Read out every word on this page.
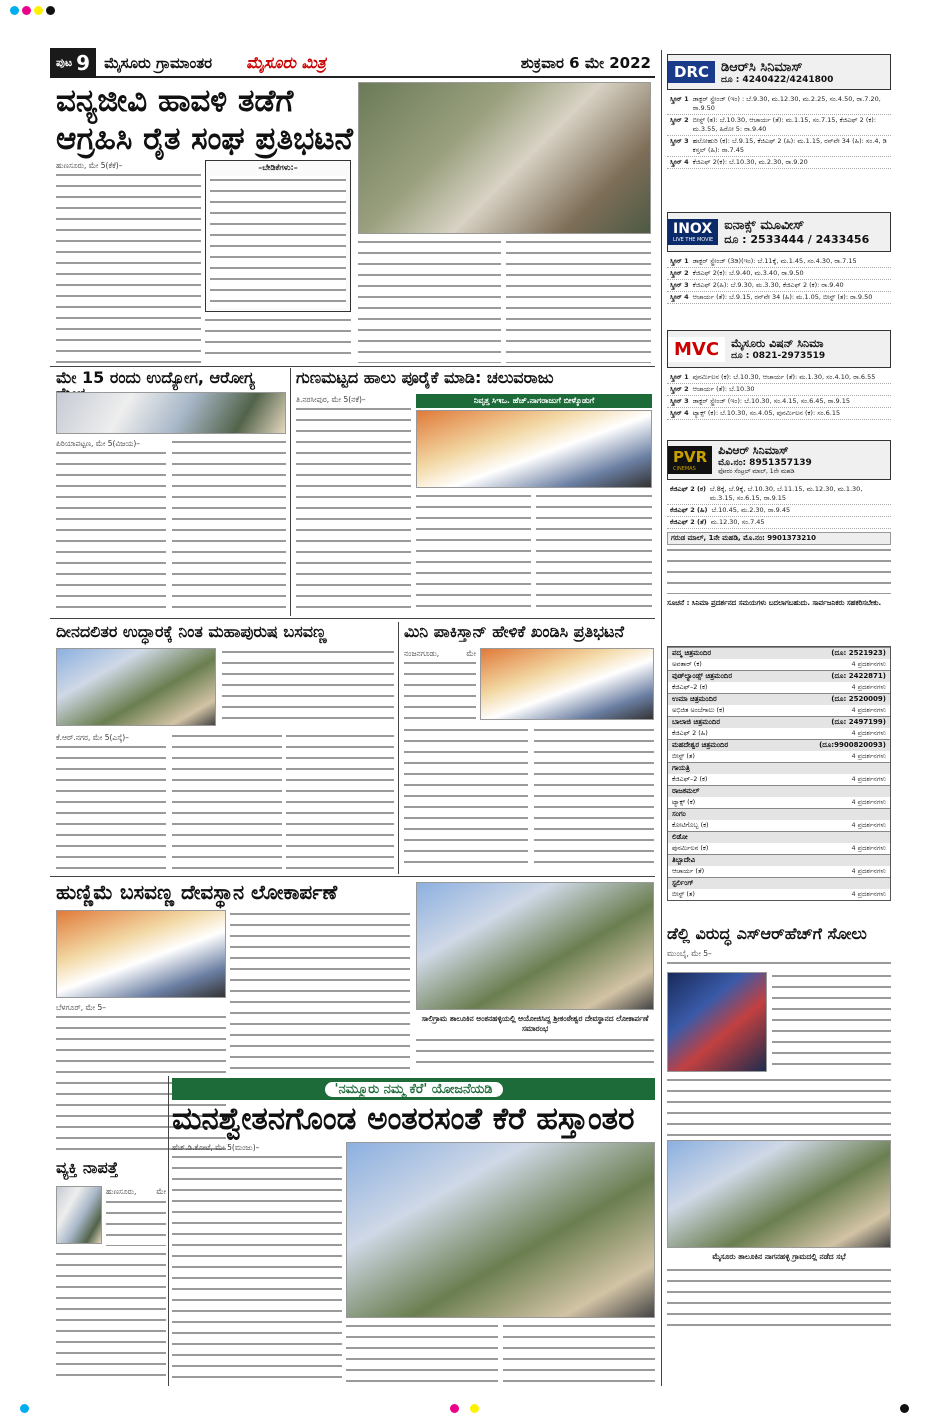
ಪುಟ 9 ಮೈಸೂರು ಗ್ರಾಮಾಂತರ ಮೈಸೂರು ಮಿತ್ರ	ಶುಕ್ರವಾರ 6 ಮೇ 2022
ವನ್ಯಜೀವಿ ಹಾವಳಿ ತಡೆಗೆ
ಆಗ್ರಹಿಸಿ ರೈತ ಸಂಘ ಪ್ರತಿಭಟನೆ
ಹುಣಸೂರು, ಮೇ 5(ಕೆಕೆ)–	–ಬೇಡಿಕೆಗಳು:–
ಮೇ 15 ರಂದು ಉದ್ಯೋಗ, ಆರೋಗ್ಯ
ಪಿರಿಯಾಪಟ್ಟಣ, ಮೇ 5(ವಿಜಯ)–
ಗುಣಮಟ್ಟದ ಹಾಲು ಪೂರೈಕೆ ಮಾಡಿ: ಚಲುವರಾಜು
ತಿ.ನರಸೀಪುರ, ಮೇ 5(ನಕೆ)–	ನಿವೃತ್ತ ಸಿಇಒ. ಹೆಚ್.ನಾಗರಾಜುಗೆ ಬೀಳ್ಕೊಡುಗೆ
ದೀನದಲಿತರ ಉದ್ಧಾರಕ್ಕೆ ನಿಂತ ಮಹಾಪುರುಷ ಬಸವಣ್ಣ
ಕೆ.ಆರ್.ನಗರ, ಮೇ 5(ಎಸ್ಕೆ)–
ಮಿನಿ ಪಾಕಿಸ್ತಾನ್ ಹೇಳಿಕೆ ಖಂಡಿಸಿ ಪ್ರತಿಭಟನೆ
ನಂಜನಗೂಡು, ಮೇ
ಹುಣ್ಣಿಮೆ ಬಸವಣ್ಣ ದೇವಸ್ಥಾನ ಲೋಕಾರ್ಪಣೆ
ಬೆಳಗೂರ್, ಮೇ 5–
ಸಾಲಿಗ್ರಾಮ ತಾಲೂಕಿನ ಅಂಕನಹಳ್ಳಿಯಲ್ಲಿ ಆಯೋಜಿಸಿದ್ದ ಶ್ರೀಕಂಠೇಶ್ವರ ದೇವಸ್ಥಾನದ ಲೋಕಾರ್ಪಣೆ ಸಮಾರಂಭ
'ನಮ್ಮೂರು ನಮ್ಮ ಕೆರೆ' ಯೋಜನೆಯಡಿ
ಮನಶ್ವೇತನಗೊಂಡ ಅಂತರಸಂತೆ ಕೆರೆ ಹಸ್ತಾಂತರ
ಹೆಚ್.ಡಿ.ಕೋಟೆ, ಮೇ 5(ಮಂಜು)–
ವ್ಯಕ್ತಿ ನಾಪತ್ತೆ
ಹುಣಸೂರು, ಮೇ
DRC ಡಿಆರ್‌ಸಿ ಸಿನಿಮಾಸ್
ದೂ : 4240422/4241800
ಸ್ಕ್ರೀನ್ 1 ಡಾಕ್ಟರ್ ಸ್ಟ್ರೇಂಜ್ (ಇಂ) : ಬೆ.9.30, ಮ.12.30, ಮ.2.25, ಸಂ.4.50, ರಾ.7.20, ರಾ.9.50
ಸ್ಕ್ರೀನ್ 2 ಬೀಸ್ಟ್ (ತ): ಬೆ.10.30, ಆಚಾರ್ಯ (ತೆ): ಮ.1.15, ಸಂ.7.15, ಕೆಜಿಎಫ್ 2 (ಕ): ಮ.3.55, ಹಿರೋ 5: ರಾ.9.40
ಸ್ಕ್ರೀನ್ 3 ಹಲೋಹುರಿ (ಕ): ಬೆ.9.15, ಕೆಜಿಎಫ್ 2 (ಹಿ): ಮ.1.15, ರನ್‌ವೇ 34 (ಹಿ): ಸಂ.4, ಡಿ ಕಸ್ತಲ್ (ಹಿ): ರಾ.7.45
ಸ್ಕ್ರೀನ್ 4 ಕೆಜಿಎಫ್ 2(ಕ): ಬೆ.10.30, ಮ.2.30, ರಾ.9.20
INOX
LIVE THE MOVIE
ಐನಾಕ್ಸ್ ಮೂವೀಸ್
ದೂ : 2533444 / 2433456
ಸ್ಕ್ರೀನ್ 1 ಡಾಕ್ಟರ್ ಸ್ಟ್ರೇಂಜ್ (3ಡಿ)(ಇಂ): ಬೆ.11ಕ್ಕೆ, ಮ.1.45, ಸಂ.4.30, ರಾ.7.15
ಸ್ಕ್ರೀನ್ 2 ಕೆಜಿಎಫ್ 2(ಕ): ಬೆ.9.40, ಮ.3.40, ರಾ.9.50
ಸ್ಕ್ರೀನ್ 3 ಕೆಜಿಎಫ್ 2(ಹಿ): ಬೆ.9.30, ಮ.3.30, ಕೆಜಿಎಫ್ 2 (ಕ): ರಾ.9.40
ಸ್ಕ್ರೀನ್ 4 ಆಚಾರ್ಯ (ತೆ): ಬೆ.9.15, ರನ್‌ವೇ 34 (ಹಿ): ಮ.1.05, ಬೀಸ್ಟ್ (ತ): ರಾ.9.50
MVC	ಮೈಸೂರು ವಿಷನ್ ಸಿನಿಮಾ
ದೂ : 0821-2973519
ಸ್ಕ್ರೀನ್ 1 ಪುನರ್ಮಿಲನ (ಕ): ಬೆ.10.30, ಆಚಾರ್ಯ (ತೆ): ಮ.1.30, ಸಂ.4.10, ರಾ.6.55
ಸ್ಕ್ರೀನ್ 2 ಆಚಾರ್ಯ (ತೆ): ಬೆ.10.30
ಸ್ಕ್ರೀನ್ 3 ಡಾಕ್ಟರ್ ಸ್ಟ್ರೇಂಜ್ (ಇಂ): ಬೆ.10.30, ಸಂ.4.15, ಸಂ.6.45, ರಾ.9.15
ಸ್ಕ್ರೀನ್ 4 ಟ್ಯಾಕ್ಸ್ (ಕ): ಬೆ.10.30, ಸಂ.4.05, ಪುನರ್ಮಿಲನ (ಕ): ಸಂ.6.15
PVR
CINEMAS
ಪಿವಿಆರ್ ಸಿನಿಮಾಸ್
ಮೊ.ನಂ: 8951357139
ಫೋರಂ ಸೆಂಟ್ರಲ್ ಮಾಲ್, 1ನೇ ಮಹಡಿ
ಕೆಜಿಎಫ್ 2 (ಕ) ಬೆ.8ಕ್ಕೆ, ಬೆ.9ಕ್ಕೆ, ಬೆ.10.30, ಬೆ.11.15, ಮ.12.30, ಮ.1.30, ಮ.3.15, ಸಂ.6.15, ರಾ.9.15
ಕೆಜಿಎಫ್ 2 (ಹಿ) ಬೆ.10.45, ಮ.2.30, ರಾ.9.45
ಕೆಜಿಎಫ್ 2 (ತೆ) ಮ.12.30, ಸಂ.7.45
ಗರುಡ ಮಾಲ್, 1ನೇ ಮಹಡಿ, ಮೊ.ನಂ: 9901373210
ಸೂಚನೆ : ಸಿನಿಮಾ ಪ್ರದರ್ಶನದ ಸಮಯಗಳು ಬದಲಾಗಬಹುದು. ಸಾರ್ವಜನಿಕರು ಸಹಕರಿಸಬೇಕು.
ಪದ್ಮ ಚಿತ್ರಮಂದಿರ	(ದೂ: 2521923)
ಅವತಾರ್ (ಕ)	4 ಪ್ರದರ್ಶನಗಳು
ವುಡ್‌ಲ್ಯಾಂಡ್ಸ್ ಚಿತ್ರಮಂದಿರ	(ದೂ: 2422871)
ಕೆಜಿಎಫ್–2 (ಕ)	4 ಪ್ರದರ್ಶನಗಳು
ಉಮಾ ಚಿತ್ರಮಂದಿರ	(ದೂ: 2520009)
ಅಭಿಜಿತ ಅಂಬೆಗಾಲು (ಕ)	4 ಪ್ರದರ್ಶನಗಳು
ಬಾಲಾಜಿ ಚಿತ್ರಮಂದಿರ	(ದೂ: 2497199)
ಕೆಜಿಎಫ್ 2 (ಹಿ)	4 ಪ್ರದರ್ಶನಗಳು
ಮಹದೇಶ್ವರ ಚಿತ್ರಮಂದಿರ	(ದೂ:9900820093)
ಬೀಸ್ಟ್ (ತ)	4 ಪ್ರದರ್ಶನಗಳು
ಗಾಯತ್ರಿ
ಕೆಜಿಎಫ್–2 (ಕ)	4 ಪ್ರದರ್ಶನಗಳು
ರಾಜಕಮಲ್
ಟ್ಯಾಕ್ಸ್ (ಕ)	4 ಪ್ರದರ್ಶನಗಳು
ಸಂಗಂ
ಕೋಟಿಗೊಬ್ಬ (ಕ)	4 ಪ್ರದರ್ಶನಗಳು
ಲಿಡೋ
ಪುನರ್ಮಿಲನ (ಕ)	4 ಪ್ರದರ್ಶನಗಳು
ತಿಬ್ಬಾದೇವಿ
ಆಚಾರ್ಯ (ತೆ)	4 ಪ್ರದರ್ಶನಗಳು
ಸ್ಟರ್ಲಿಂಗ್
ಬೀಸ್ಟ್ (ತ)	4 ಪ್ರದರ್ಶನಗಳು
ಡೆಲ್ಲಿ ವಿರುದ್ಧ ಎಸ್‌ಆರ್‌ಹೆಚ್‌ಗೆ ಸೋಲು
ಮುಂಬೈ, ಮೇ 5–
ಮೈಸೂರು ತಾಲೂಕಿನ ನಾಗನಹಳ್ಳಿ ಗ್ರಾಮದಲ್ಲಿ ನಡೆದ ಸಭೆ
